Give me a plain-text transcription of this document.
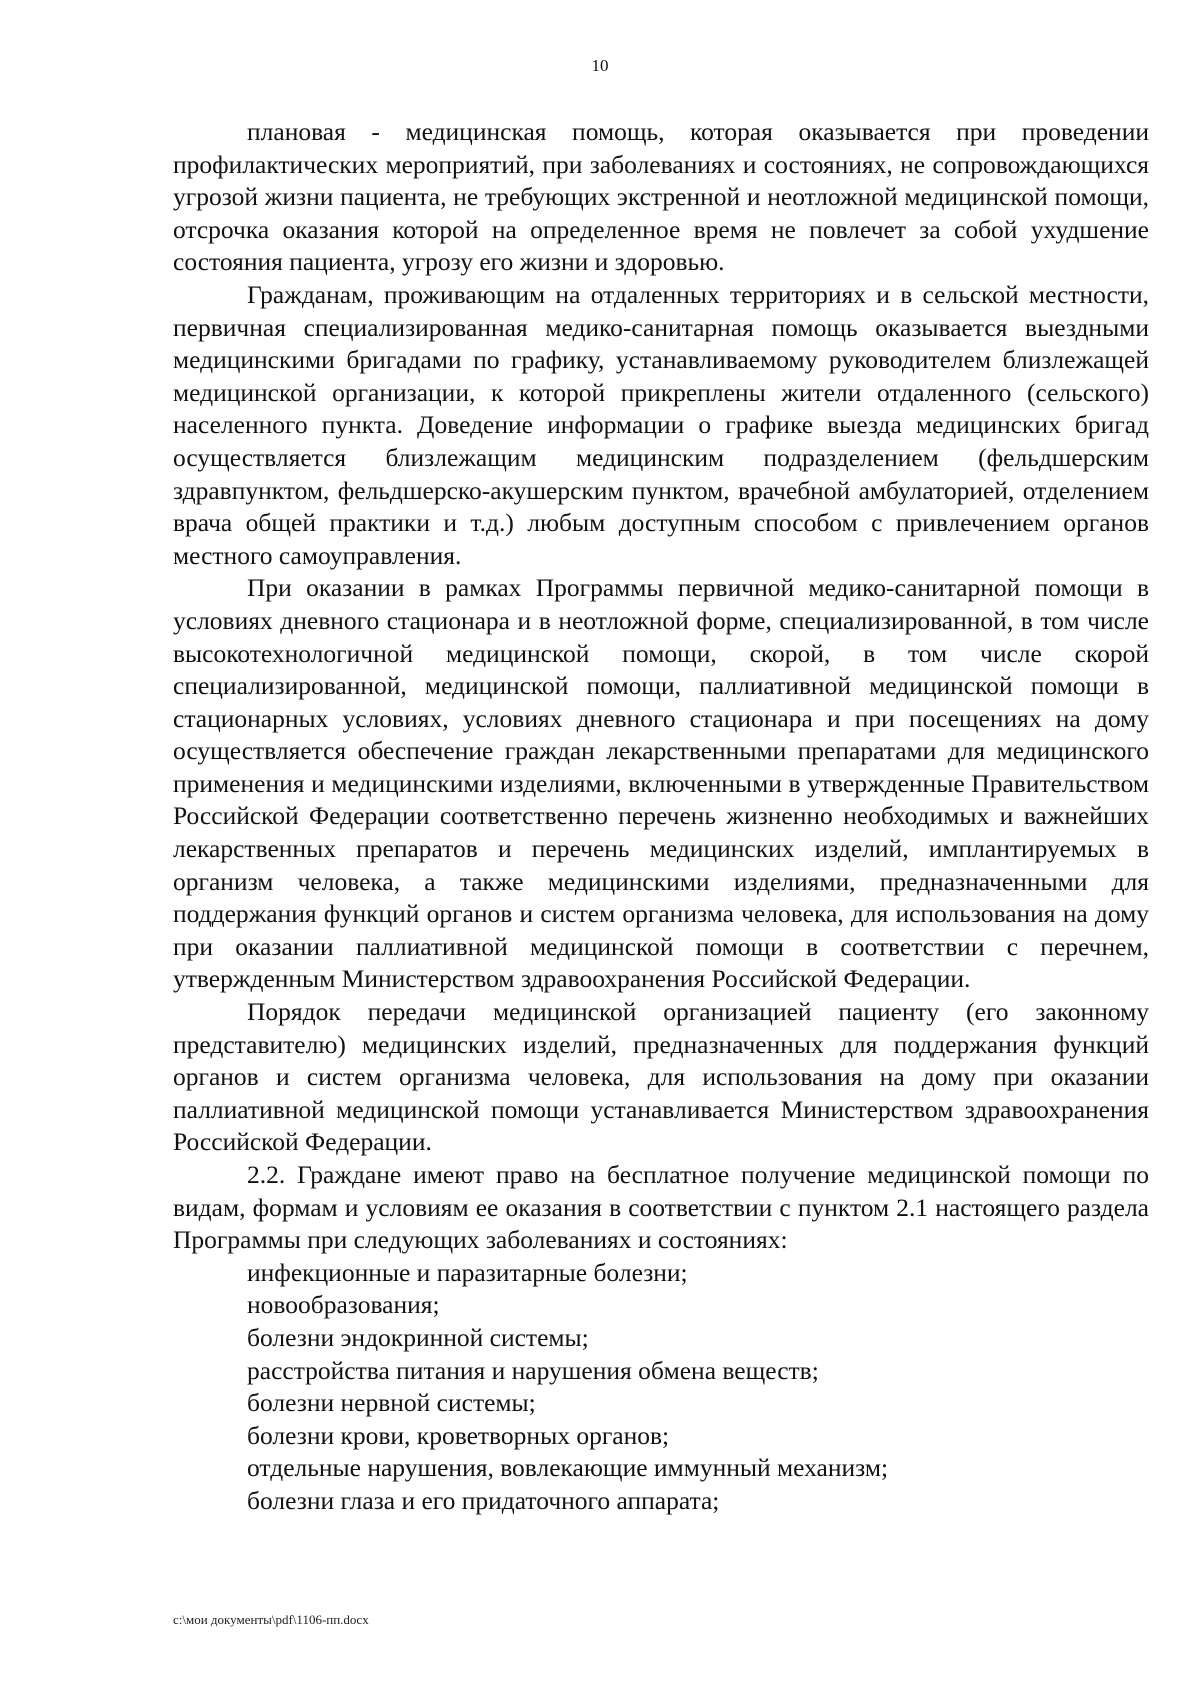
10

плановая - медицинская помощь, которая оказывается при проведении профилактических мероприятий, при заболеваниях и состояниях, не сопровождающихся угрозой жизни пациента, не требующих экстренной и неотложной медицинской помощи, отсрочка оказания которой на определенное время не повлечет за собой ухудшение состояния пациента, угрозу его жизни и здоровью.

Гражданам, проживающим на отдаленных территориях и в сельской местности, первичная специализированная медико-санитарная помощь оказывается выездными медицинскими бригадами по графику, устанавливаемому руководителем близлежащей медицинской организации, к которой прикреплены жители отдаленного (сельского) населенного пункта. Доведение информации о графике выезда медицинских бригад осуществляется близлежащим медицинским подразделением (фельдшерским здравпунктом, фельдшерско-акушерским пунктом, врачебной амбулаторией, отделением врача общей практики и т.д.) любым доступным способом с привлечением органов местного самоуправления.

При оказании в рамках Программы первичной медико-санитарной помощи в условиях дневного стационара и в неотложной форме, специализированной, в том числе высокотехнологичной медицинской помощи, скорой, в том числе скорой специализированной, медицинской помощи, паллиативной медицинской помощи в стационарных условиях, условиях дневного стационара и при посещениях на дому осуществляется обеспечение граждан лекарственными препаратами для медицинского применения и медицинскими изделиями, включенными в утвержденные Правительством Российской Федерации соответственно перечень жизненно необходимых и важнейших лекарственных препаратов и перечень медицинских изделий, имплантируемых в организм человека, а также медицинскими изделиями, предназначенными для поддержания функций органов и систем организма человека, для использования на дому при оказании паллиативной медицинской помощи в соответствии с перечнем, утвержденным Министерством здравоохранения Российской Федерации.

Порядок передачи медицинской организацией пациенту (его законному представителю) медицинских изделий, предназначенных для поддержания функций органов и систем организма человека, для использования на дому при оказании паллиативной медицинской помощи устанавливается Министерством здравоохранения Российской Федерации.

2.2. Граждане имеют право на бесплатное получение медицинской помощи по видам, формам и условиям ее оказания в соответствии с пунктом 2.1 настоящего раздела Программы при следующих заболеваниях и состояниях:

инфекционные и паразитарные болезни;
новообразования;
болезни эндокринной системы;
расстройства питания и нарушения обмена веществ;
болезни нервной системы;
болезни крови, кроветворных органов;
отдельные нарушения, вовлекающие иммунный механизм;
болезни глаза и его придаточного аппарата;
c:\мои документы\pdf\1106-пп.docx
